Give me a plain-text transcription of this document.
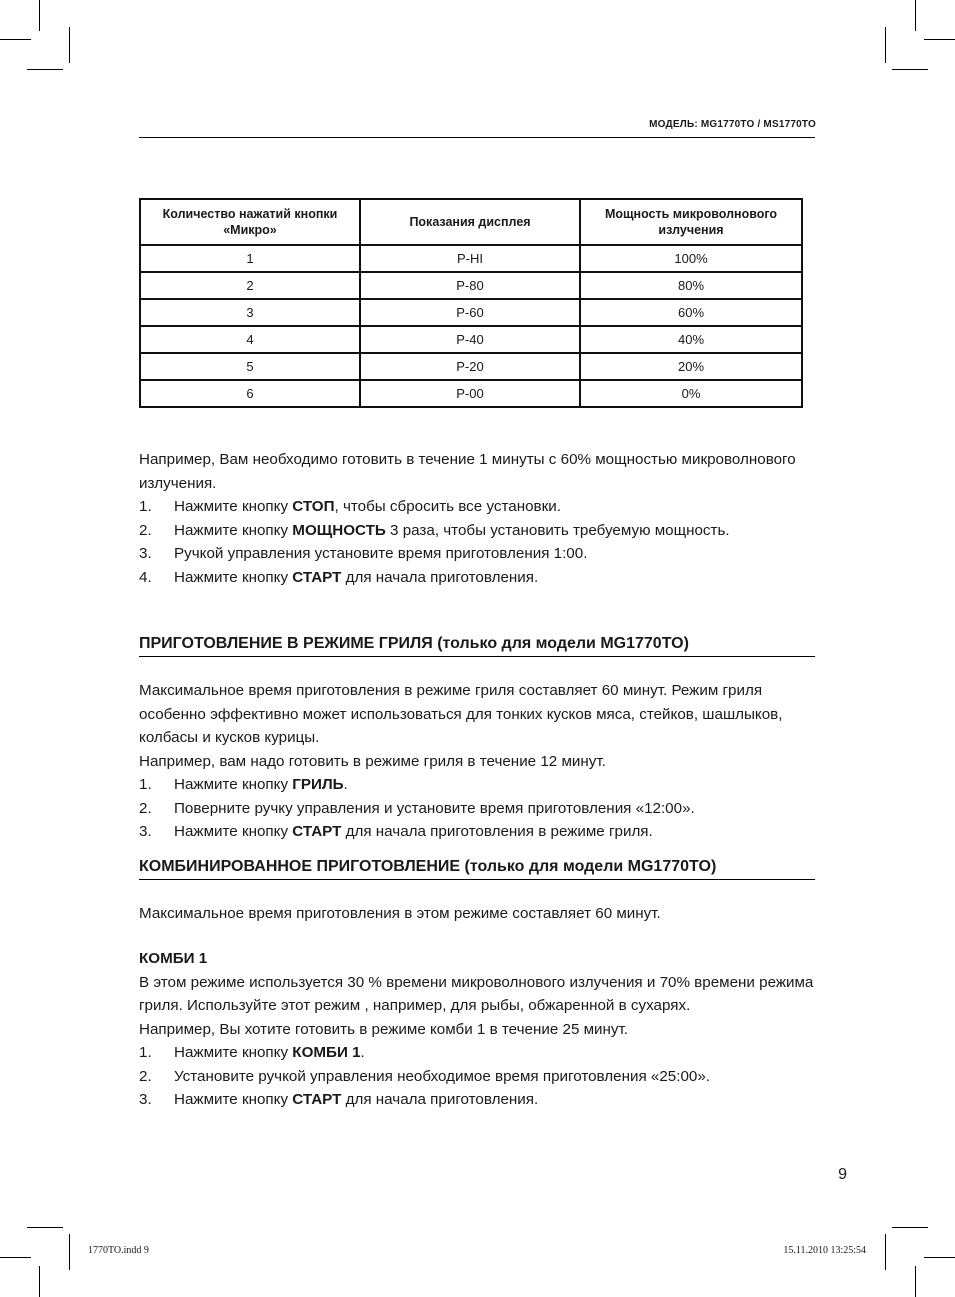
МОДЕЛЬ: MG1770TO / MS1770TO
Количество нажатий кнопки «Микро»	Показания дисплея	Мощность микроволнового излучения
1	P-HI	100%
2	P-80	80%
3	P-60	60%
4	P-40	40%
5	P-20	20%
6	P-00	0%

Например, Вам необходимо готовить в течение 1 минуты с 60% мощностью микроволнового излучения.

1. Нажмите кнопку СТОП, чтобы сбросить все установки.
2. Нажмите кнопку МОЩНОСТЬ 3 раза, чтобы установить требуемую мощность.
3. Ручкой управления установите время приготовления 1:00.
4. Нажмите кнопку СТАРТ для начала приготовления.
ПРИГОТОВЛЕНИЕ В РЕЖИМЕ ГРИЛЯ (только для модели MG1770TO)

Максимальное время приготовления в режиме гриля составляет 60 минут. Режим гриля особенно эффективно может использоваться для тонких кусков мяса, стейков, шашлыков, колбасы и кусков курицы.

Например, вам надо готовить в режиме гриля в течение 12 минут.

1. Нажмите кнопку ГРИЛЬ.
2. Поверните ручку управления и установите время приготовления «12:00».
3. Нажмите кнопку СТАРТ для начала приготовления в режиме гриля.
КОМБИНИРОВАННОЕ ПРИГОТОВЛЕНИЕ (только для модели MG1770TO)

Максимальное время приготовления в этом режиме составляет 60 минут.

КОМБИ 1

В этом режиме используется 30 % времени микроволнового излучения и 70% времени режима гриля. Используйте этот режим , например, для рыбы, обжаренной в сухарях.

Например, Вы хотите готовить в режиме комби 1 в течение 25 минут.

1. Нажмите кнопку КОМБИ 1.
2. Установите ручкой управления необходимое время приготовления «25:00».
3. Нажмите кнопку СТАРТ для начала приготовления.
9
1770TO.indd 9	15.11.2010 13:25:54
